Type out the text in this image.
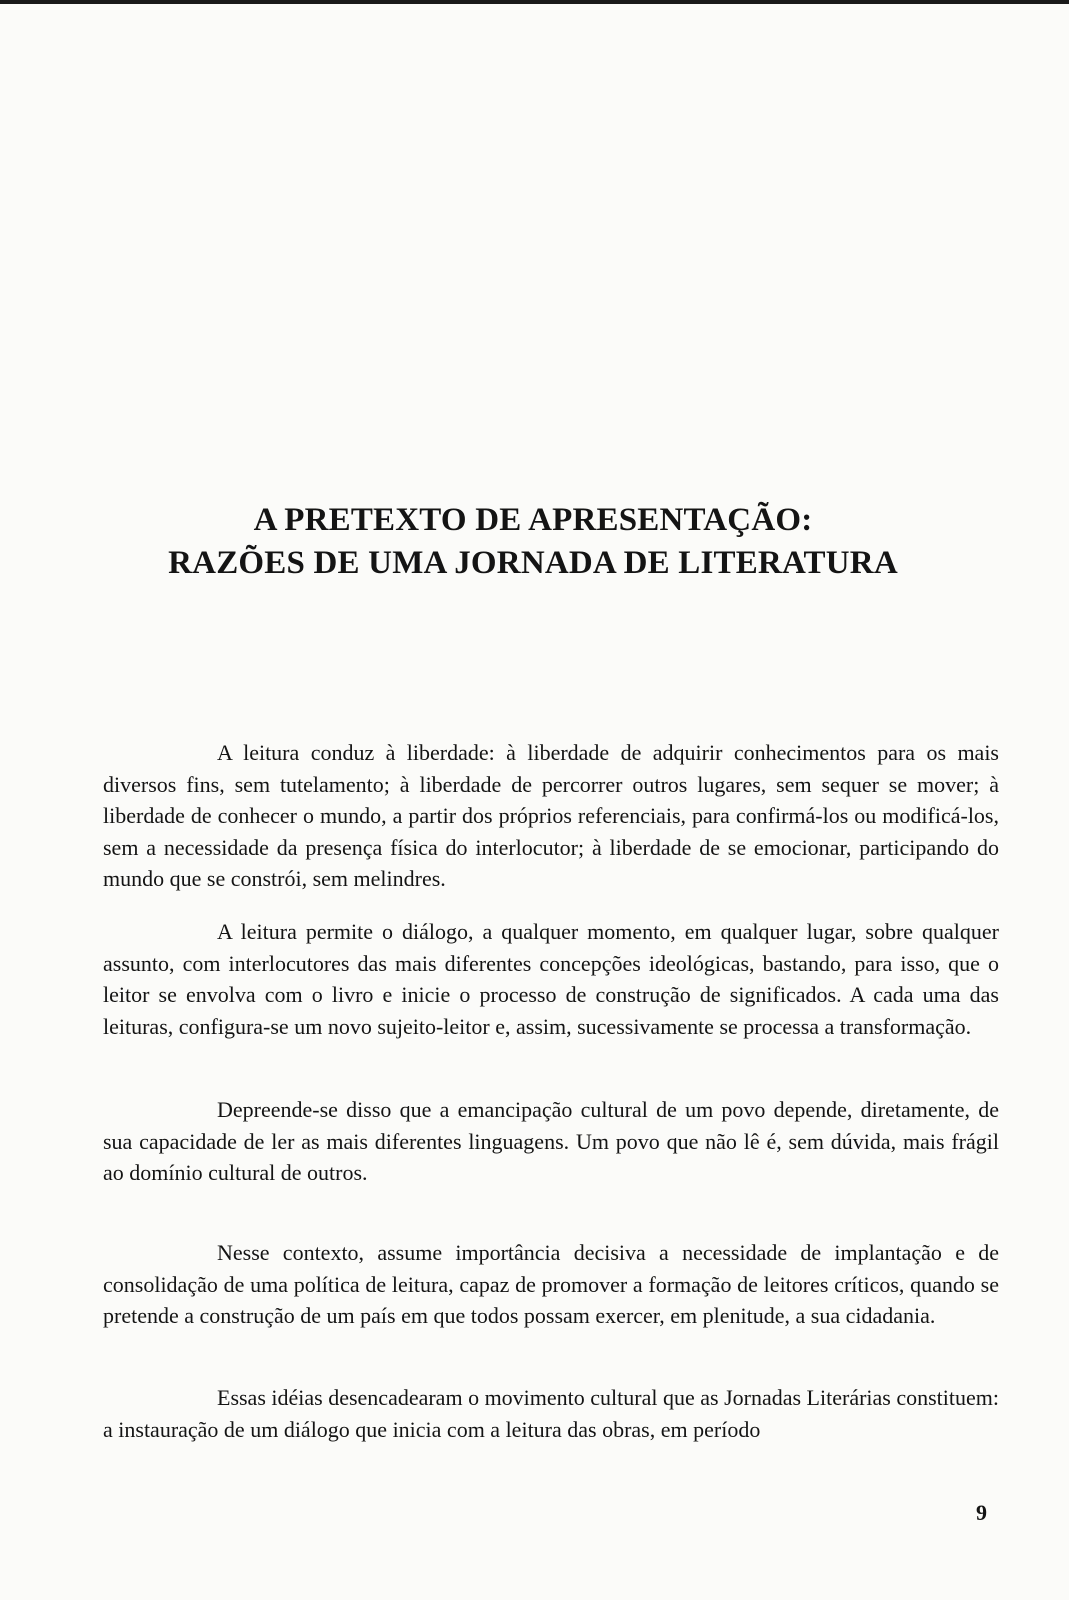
A PRETEXTO DE APRESENTAÇÃO:
RAZÕES DE UMA JORNADA DE LITERATURA

A leitura conduz à liberdade: à liberdade de adquirir conhecimentos para os mais diversos fins, sem tutelamento; à liberdade de percorrer outros lugares, sem sequer se mover; à liberdade de conhecer o mundo, a partir dos próprios referenciais, para confirmá-los ou modificá-los, sem a necessidade da presença física do interlocutor; à liberdade de se emocionar, participando do mundo que se constrói, sem melindres.

A leitura permite o diálogo, a qualquer momento, em qualquer lugar, sobre qualquer assunto, com interlocutores das mais diferentes concepções ideológicas, bastando, para isso, que o leitor se envolva com o livro e inicie o processo de construção de significados. A cada uma das leituras, configura-se um novo sujeito-leitor e, assim, sucessivamente se processa a transformação.

Depreende-se disso que a emancipação cultural de um povo depende, diretamente, de sua capacidade de ler as mais diferentes linguagens. Um povo que não lê é, sem dúvida, mais frágil ao domínio cultural de outros.

Nesse contexto, assume importância decisiva a necessidade de implantação e de consolidação de uma política de leitura, capaz de promover a formação de leitores críticos, quando se pretende a construção de um país em que todos possam exercer, em plenitude, a sua cidadania.

Essas idéias desencadearam o movimento cultural que as Jornadas Literárias constituem: a instauração de um diálogo que inicia com a leitura das obras, em período

9
